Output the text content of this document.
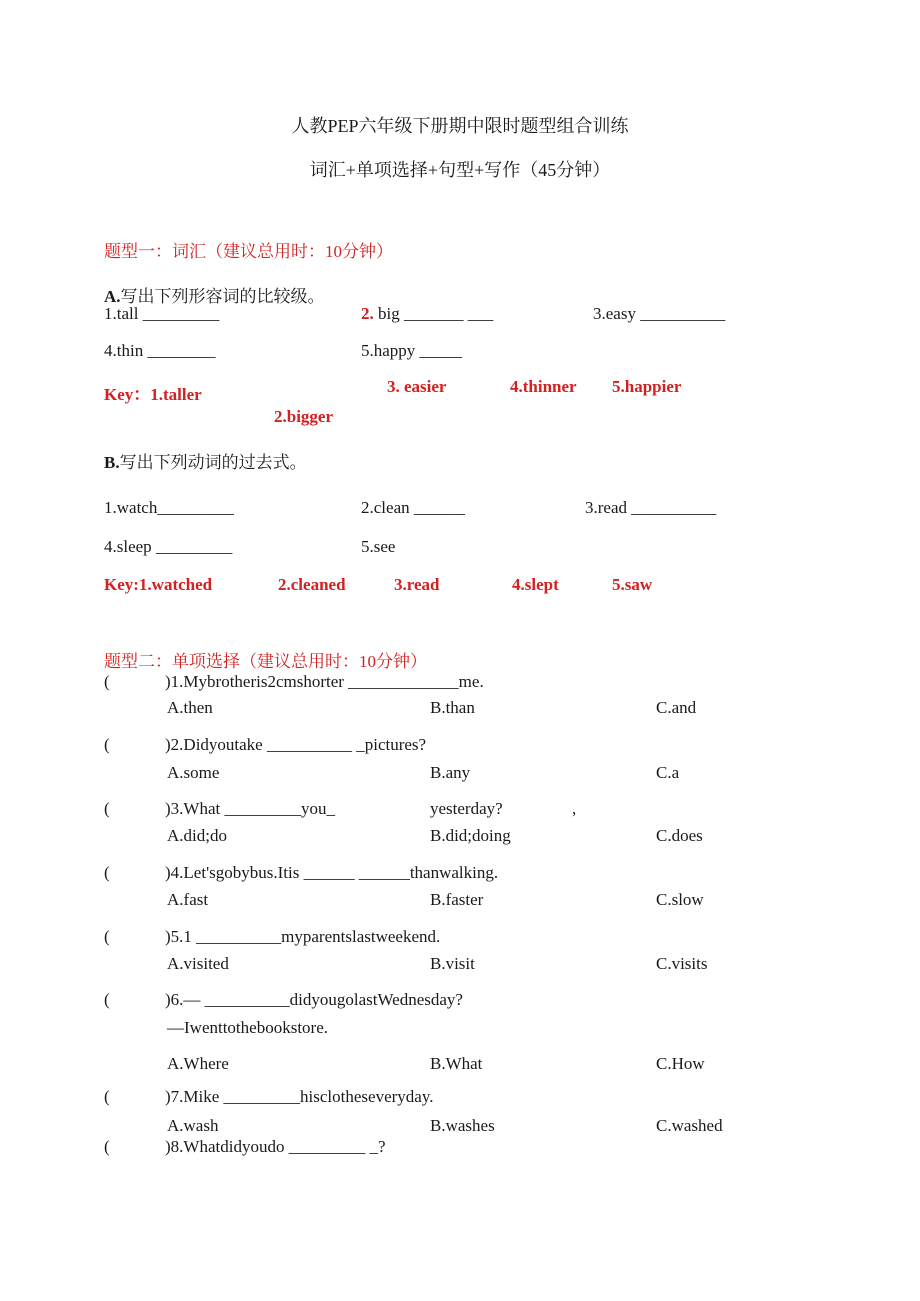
人教PEP六年级下册期中限时题型组合训练
词汇+单项选择+句型+写作（45分钟）
题型一：词汇（建议总用时：10分钟）
A.写出下列形容词的比较级。
1.tall _________	2. big _______ ___	3.easy __________
4.thin ________	5.happy _____
Key：1.taller	3. easier	4.thinner 5.happier
2.bigger
B.写出下列动词的过去式。
1.watch_________	2.clean ______	3.read __________
4.sleep _________	5.see
Key:1.watched	2.cleaned	3.read	4.slept	5.saw
题型二：单项选择（建议总用时：10分钟）
(	)1.Mybrotheris2cmshorter _____________me.
A.then	B.than	C.and
(	)2.Didyoutake __________ _pictures?
A.some	B.any	C.a
(	)3.What _________you_	yesterday?	,
A.did;do	B.did;doing	C.does
(	)4.Let'sgobybus.Itis ______ ______thanwalking.
A.fast	B.faster	C.slow
(	)5.1 __________myparentslastweekend.
A.visited	B.visit	C.visits
(	)6.— __________didyougolastWednesday?
—Iwenttothebookstore.
A.Where	B.What	C.How
(	)7.Mike _________hisclotheseveryday.
A.wash	B.washes	C.washed
(	)8.Whatdidyoudo _________ _?
